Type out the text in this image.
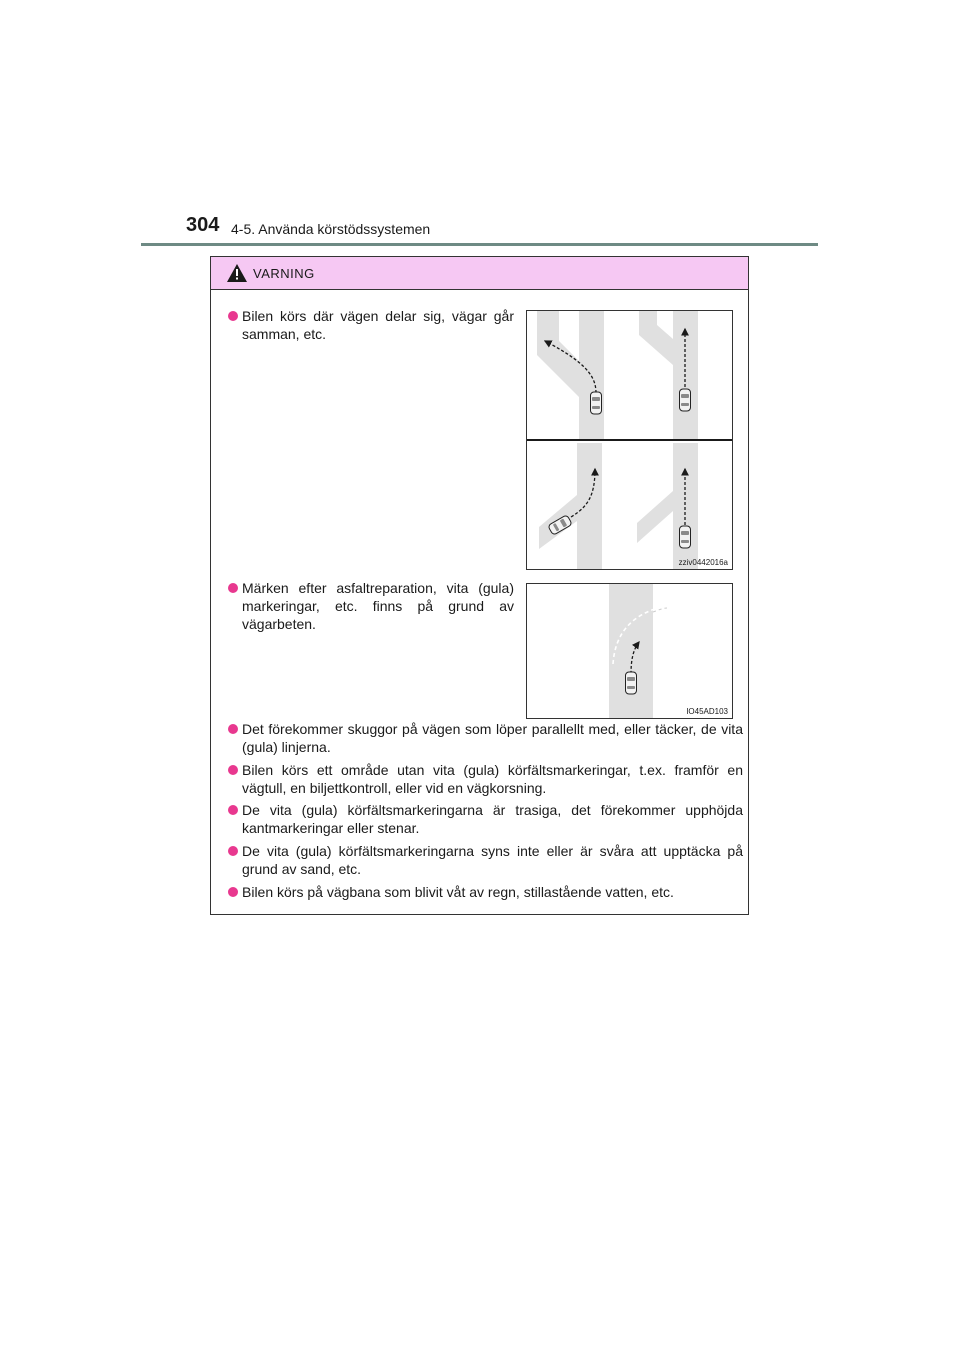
304 4-5. Använda körstödssystemen
VARNING
Bilen körs där vägen delar sig, vägar går samman, etc.
Märken efter asfaltreparation, vita (gula) markeringar, etc. finns på grund av vägarbeten.
Det förekommer skuggor på vägen som löper parallellt med, eller täcker, de vita (gula) linjerna.
Bilen körs ett område utan vita (gula) körfältsmarkeringar, t.ex. framför en vägtull, en biljettkontroll, eller vid en vägkorsning.
De vita (gula) körfältsmarkeringarna är trasiga, det förekommer upphöjda kantmarkeringar eller stenar.
De vita (gula) körfältsmarkeringarna syns inte eller är svåra att upptäcka på grund av sand, etc.
Bilen körs på vägbana som blivit våt av regn, stillastående vatten, etc.
zziv0442016a
IO45AD103
